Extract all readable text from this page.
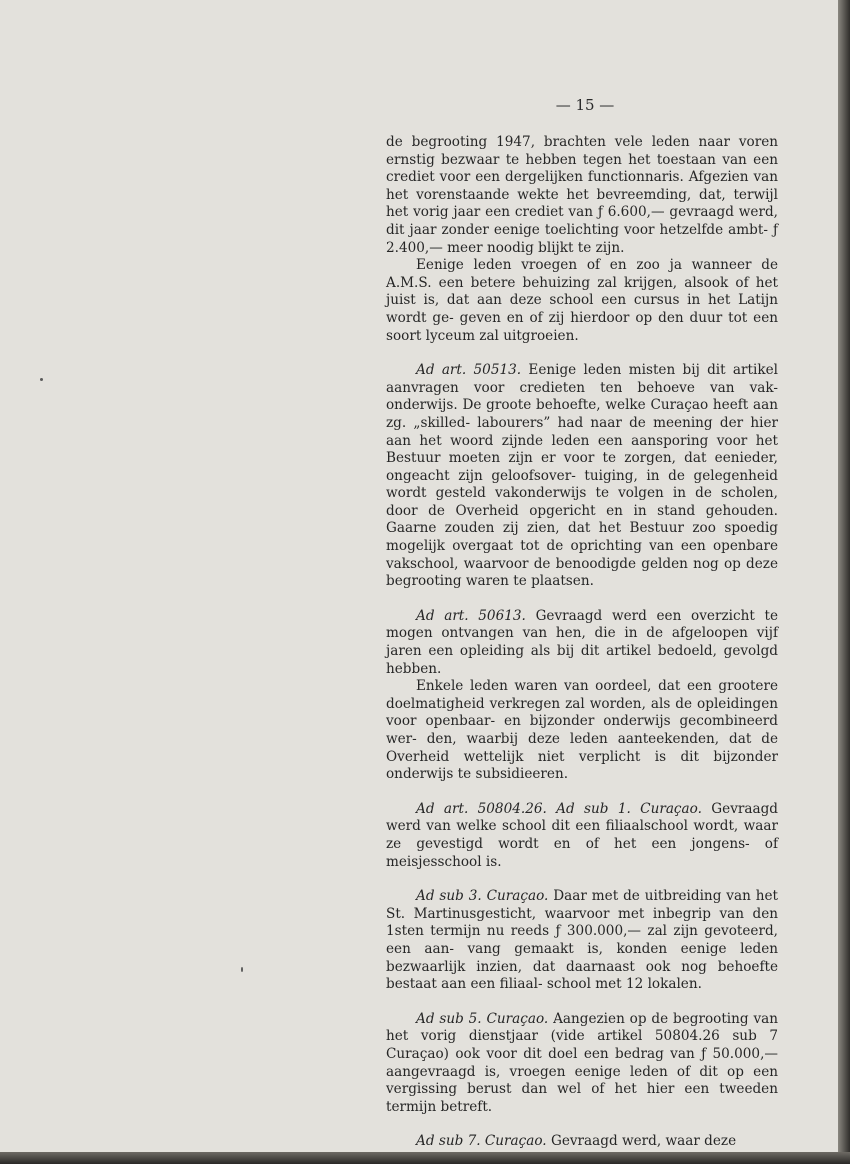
— 15 —

de begrooting 1947, brachten vele leden naar voren ernstig bezwaar te hebben tegen het toestaan van een crediet voor een dergelijken functionnaris. Afgezien van het vorenstaande wekte het bevreemding, dat, terwijl het vorig jaar een crediet van ƒ 6.600,— gevraagd werd, dit jaar zonder eenige toelichting voor hetzelfde ambt- ƒ 2.400,— meer noodig blijkt te zijn.

Eenige leden vroegen of en zoo ja wanneer de A.M.S. een betere behuizing zal krijgen, alsook of het juist is, dat aan deze school een cursus in het Latijn wordt ge- geven en of zij hierdoor op den duur tot een soort lyceum zal uitgroeien.

Ad art. 50513. Eenige leden misten bij dit artikel aanvragen voor credieten ten behoeve van vak-onderwijs. De groote behoefte, welke Curaçao heeft aan zg. „skilled- labourers” had naar de meening der hier aan het woord zijnde leden een aansporing voor het Bestuur moeten zijn er voor te zorgen, dat eenieder, ongeacht zijn geloofsover- tuiging, in de gelegenheid wordt gesteld vakonderwijs te volgen in de scholen, door de Overheid opgericht en in stand gehouden. Gaarne zouden zij zien, dat het Bestuur zoo spoedig mogelijk overgaat tot de oprichting van een openbare vakschool, waarvoor de benoodigde gelden nog op deze begrooting waren te plaatsen.

Ad art. 50613. Gevraagd werd een overzicht te mogen ontvangen van hen, die in de afgeloopen vijf jaren een opleiding als bij dit artikel bedoeld, gevolgd hebben.

Enkele leden waren van oordeel, dat een grootere doelmatigheid verkregen zal worden, als de opleidingen voor openbaar- en bijzonder onderwijs gecombineerd wer- den, waarbij deze leden aanteekenden, dat de Overheid wettelijk niet verplicht is dit bijzonder onderwijs te subsidieeren.

Ad art. 50804.26. Ad sub 1. Curaçao. Gevraagd werd van welke school dit een filiaalschool wordt, waar ze gevestigd wordt en of het een jongens- of meisjesschool is.

Ad sub 3. Curaçao. Daar met de uitbreiding van het St. Martinusgesticht, waarvoor met inbegrip van den 1sten termijn nu reeds ƒ 300.000,— zal zijn gevoteerd, een aan- vang gemaakt is, konden eenige leden bezwaarlijk inzien, dat daarnaast ook nog behoefte bestaat aan een filiaal- school met 12 lokalen.

Ad sub 5. Curaçao. Aangezien op de begrooting van het vorig dienstjaar (vide artikel 50804.26 sub 7 Curaçao) ook voor dit doel een bedrag van ƒ 50.000,— aangevraagd is, vroegen eenige leden of dit op een vergissing berust dan wel of het hier een tweeden termijn betreft.

Ad sub 7. Curaçao. Gevraagd werd, waar deze
